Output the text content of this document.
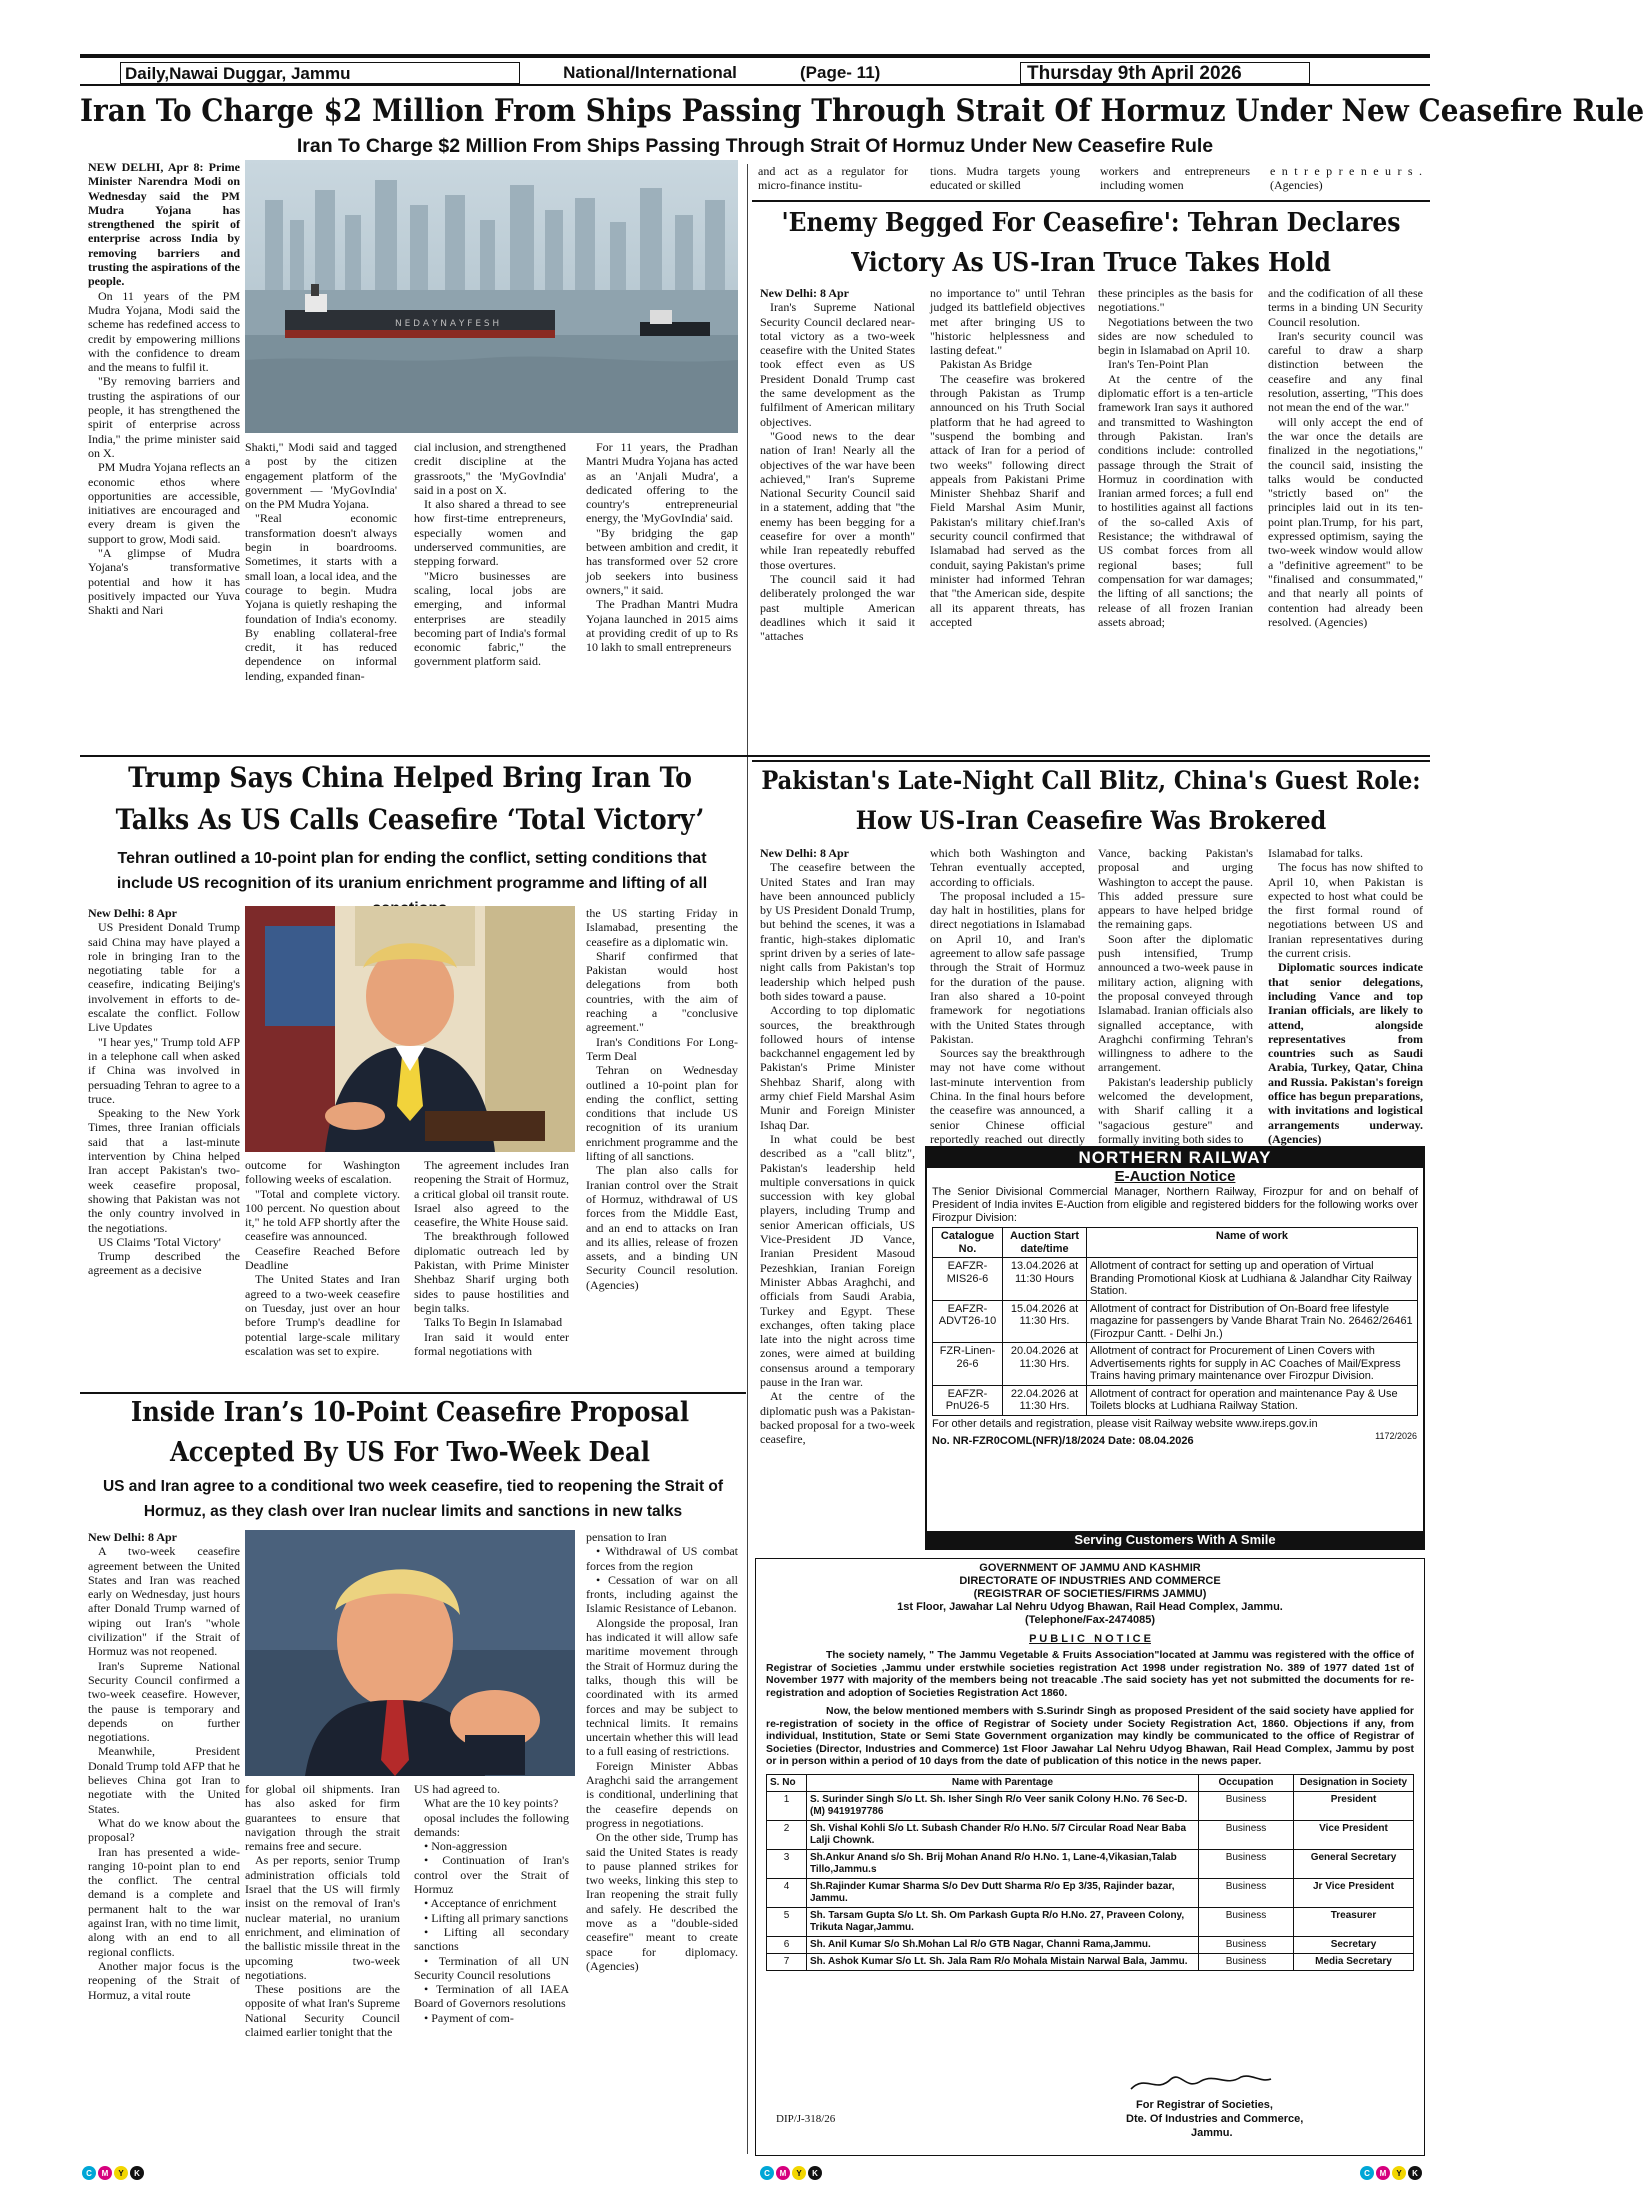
Daily,Nawai Duggar, Jammu	National/International	(Page- 11)	Thursday 9th April 2026
Iran To Charge $2 Million From Ships Passing Through Strait Of Hormuz Under New Ceasefire Rule
Iran To Charge $2 Million From Ships Passing Through Strait Of Hormuz Under New Ceasefire Rule
N E D A Y N A Y F E S H

NEW DELHI, Apr 8: Prime Minister Narendra Modi on Wednesday said the PM Mudra Yojana has strengthened the spirit of enterprise across India by removing barriers and trusting the aspirations of the people.

On 11 years of the PM Mudra Yojana, Modi said the scheme has redefined access to credit by empowering millions with the confidence to dream and the means to fulfil it.

"By removing barriers and trusting the aspirations of our people, it has strengthened the spirit of enterprise across India," the prime minister said on X.

PM Mudra Yojana reflects an economic ethos where opportunities are accessible, initiatives are encouraged and every dream is given the support to grow, Modi said.

"A glimpse of Mudra Yojana's transformative potential and how it has positively impacted our Yuva Shakti and Nari

Shakti," Modi said and tagged a post by the citizen engagement platform of the government — 'MyGovIndia' on the PM Mudra Yojana.

"Real economic transformation doesn't always begin in boardrooms. Sometimes, it starts with a small loan, a local idea, and the courage to begin. Mudra Yojana is quietly reshaping the foundation of India's economy. By enabling collateral-free credit, it has reduced dependence on informal lending, expanded finan-

cial inclusion, and strengthened credit discipline at the grassroots," the 'MyGovIndia' said in a post on X.

It also shared a thread to see how first-time entrepreneurs, especially women and underserved communities, are stepping forward.

"Micro businesses are scaling, local jobs are emerging, and informal enterprises are steadily becoming part of India's formal economic fabric," the government platform said.

For 11 years, the Pradhan Mantri Mudra Yojana has acted as an 'Anjali Mudra', a dedicated offering to the country's entrepreneurial energy, the 'MyGovIndia' said.

"By bridging the gap between ambition and credit, it has transformed over 52 crore job seekers into business owners," it said.

The Pradhan Mantri Mudra Yojana launched in 2015 aims at providing credit of up to Rs 10 lakh to small entrepreneurs

and act as a regulator for micro-finance institu-
tions. Mudra targets young educated or skilled
workers and entrepreneurs including women
e n t r e p r e n e u r s . (Agencies)
'Enemy Begged For Ceasefire': Tehran Declares
Victory As US-Iran Truce Takes Hold

New Delhi: 8 Apr

Iran's Supreme National Security Council declared near-total victory as a two-week ceasefire with the United States took effect even as US President Donald Trump cast the same development as the fulfilment of American military objectives.

"Good news to the dear nation of Iran! Nearly all the objectives of the war have been achieved," Iran's Supreme National Security Council said in a statement, adding that "the enemy has been begging for a ceasefire for over a month" while Iran repeatedly rebuffed those overtures.

The council said it had deliberately prolonged the war past multiple American deadlines which it said it "attaches

no importance to" until Tehran judged its battlefield objectives met after bringing US to "historic helplessness and lasting defeat."

Pakistan As Bridge

The ceasefire was brokered through Pakistan as Trump announced on his Truth Social platform that he had agreed to "suspend the bombing and attack of Iran for a period of two weeks" following direct appeals from Pakistani Prime Minister Shehbaz Sharif and Field Marshal Asim Munir, Pakistan's military chief.Iran's security council confirmed that Islamabad had served as the conduit, saying Pakistan's prime minister had informed Tehran that "the American side, despite all its apparent threats, has accepted

these principles as the basis for negotiations."

Negotiations between the two sides are now scheduled to begin in Islamabad on April 10.

Iran's Ten-Point Plan

At the centre of the diplomatic effort is a ten-article framework Iran says it authored and transmitted to Washington through Pakistan. Iran's conditions include: controlled passage through the Strait of Hormuz in coordination with Iranian armed forces; a full end to hostilities against all factions of the so-called Axis of Resistance; the withdrawal of US combat forces from all regional bases; full compensation for war damages; the lifting of all sanctions; the release of all frozen Iranian assets abroad;

and the codification of all these terms in a binding UN Security Council resolution.

Iran's security council was careful to draw a sharp distinction between the ceasefire and any final resolution, asserting, "This does not mean the end of the war."

will only accept the end of the war once the details are finalized in the negotiations," the council said, insisting the talks would be conducted "strictly based on" the principles laid out in its ten-point plan.Trump, for his part, expressed optimism, saying the two-week window would allow a "definitive agreement" to be "finalised and consummated," and that nearly all points of contention had already been resolved. (Agencies)

Trump Says China Helped Bring Iran To
Talks As US Calls Ceasefire ‘Total Victory’
Tehran outlined a 10-point plan for ending the conflict, setting conditions that include US recognition of its uranium enrichment programme and lifting of all

New Delhi: 8 Apr

US President Donald Trump said China may have played a role in bringing Iran to the negotiating table for a ceasefire, indicating Beijing's involvement in efforts to de-escalate the conflict. Follow Live Updates

"I hear yes," Trump told AFP in a telephone call when asked if China was involved in persuading Tehran to agree to a truce.

Speaking to the New York Times, three Iranian officials said that a last-minute intervention by China helped Iran accept Pakistan's two-week ceasefire proposal, showing that Pakistan was not the only country involved in the negotiations.

US Claims 'Total Victory'

Trump described the agreement as a decisive

outcome for Washington following weeks of escalation.

"Total and complete victory. 100 percent. No question about it," he told AFP shortly after the ceasefire was announced.

Ceasefire Reached Before Deadline

The United States and Iran agreed to a two-week ceasefire on Tuesday, just over an hour before Trump's deadline for potential large-scale military escalation was set to expire.

The agreement includes Iran reopening the Strait of Hormuz, a critical global oil transit route. Israel also agreed to the ceasefire, the White House said.

The breakthrough followed diplomatic outreach led by Pakistan, with Prime Minister Shehbaz Sharif urging both sides to pause hostilities and begin talks.

Talks To Begin In Islamabad

Iran said it would enter formal negotiations with

the US starting Friday in Islamabad, presenting the ceasefire as a diplomatic win.

Sharif confirmed that Pakistan would host delegations from both countries, with the aim of reaching a "conclusive agreement."

Iran's Conditions For Long-Term Deal

Tehran on Wednesday outlined a 10-point plan for ending the conflict, setting conditions that include US recognition of its uranium enrichment programme and the lifting of all sanctions.

The plan also calls for Iranian control over the Strait of Hormuz, withdrawal of US forces from the Middle East, and an end to attacks on Iran and its allies, release of frozen assets, and a binding UN Security Council resolution. (Agencies)

Pakistan's Late-Night Call Blitz, China's Guest Role:
How US-Iran Ceasefire Was Brokered

New Delhi: 8 Apr

The ceasefire between the United States and Iran may have been announced publicly by US President Donald Trump, but behind the scenes, it was a frantic, high-stakes diplomatic sprint driven by a series of late-night calls from Pakistan's top leadership which helped push both sides toward a pause.

According to top diplomatic sources, the breakthrough followed hours of intense backchannel engagement led by Pakistan's Prime Minister Shehbaz Sharif, along with army chief Field Marshal Asim Munir and Foreign Minister Ishaq Dar.

In what could be best described as a "call blitz", Pakistan's leadership held multiple conversations in quick succession with key global players, including Trump and senior American officials, US Vice-President JD Vance, Iranian President Masoud Pezeshkian, Iranian Foreign Minister Abbas Araghchi, and officials from Saudi Arabia, Turkey and Egypt. These exchanges, often taking place late into the night across time zones, were aimed at building consensus around a temporary pause in the Iran war.

At the centre of the diplomatic push was a Pakistan-backed proposal for a two-week ceasefire,

which both Washington and Tehran eventually accepted, according to officials.

The proposal included a 15-day halt in hostilities, plans for direct negotiations in Islamabad on April 10, and Iran's agreement to allow safe passage through the Strait of Hormuz for the duration of the pause. Iran also shared a 10-point framework for negotiations with the United States through Pakistan.

Sources say the breakthrough may not have come without last-minute intervention from China. In the final hours before the ceasefire was announced, a senior Chinese official reportedly reached out directly

Vance, backing Pakistan's proposal and urging Washington to accept the pause. This added pressure sure appears to have helped bridge the remaining gaps.

Soon after the diplomatic push intensified, Trump announced a two-week pause in military action, aligning with the proposal conveyed through Islamabad. Iranian officials also signalled acceptance, with Araghchi confirming Tehran's willingness to adhere to the arrangement.

Pakistan's leadership publicly welcomed the development, with Sharif calling it a "sagacious gesture" and formally inviting both sides to

Islamabad for talks.

The focus has now shifted to April 10, when Pakistan is expected to host what could be the first formal round of negotiations between US and Iranian representatives during the current crisis.

Diplomatic sources indicate that senior delegations, including Vance and top Iranian officials, are likely to attend, alongside representatives from countries such as Saudi Arabia, Turkey, Qatar, China and Russia. Pakistan's foreign office has begun preparations, with invitations and logistical arrangements underway. (Agencies)

NORTHERN RAILWAY
E-Auction Notice
The Senior Divisional Commercial Manager, Northern Railway, Firozpur for and on behalf of President of India invites E-Auction from eligible and registered bidders for the following works over Firozpur Division:
Catalogue No.	Auction Start date/time	Name of work
EAFZR-MIS26-6	13.04.2026 at 11:30 Hours	Allotment of contract for setting up and operation of Virtual Branding Promotional Kiosk at Ludhiana & Jalandhar City Railway Station.
EAFZR-ADVT26-10	15.04.2026 at 11:30 Hrs.	Allotment of contract for Distribution of On-Board free lifestyle magazine for passengers by Vande Bharat Train No. 26462/26461 (Firozpur Cantt. - Delhi Jn.)
FZR-Linen-26-6	20.04.2026 at 11:30 Hrs.	Allotment of contract for Procurement of Linen Covers with Advertisements rights for supply in AC Coaches of Mail/Express Trains having primary maintenance over Firozpur Division.
EAFZR-PnU26-5	22.04.2026 at 11:30 Hrs.	Allotment of contract for operation and maintenance Pay & Use Toilets blocks at Ludhiana Railway Station.
For other details and registration, please visit Railway website www.ireps.gov.in
No. NR-FZR0COML(NFR)/18/2024 Date: 08.04.2026	1172/2026
Serving Customers With A Smile
Inside Iran’s 10-Point Ceasefire Proposal
Accepted By US For Two-Week Deal
US and Iran agree to a conditional two week ceasefire, tied to reopening the Strait of Hormuz, as they clash over Iran nuclear limits and sanctions in new talks

New Delhi: 8 Apr

A two-week ceasefire agreement between the United States and Iran was reached early on Wednesday, just hours after Donald Trump warned of wiping out Iran's "whole civilization" if the Strait of Hormuz was not reopened.

Iran's Supreme National Security Council confirmed a two-week ceasefire. However, the pause is temporary and depends on further negotiations.

Meanwhile, President Donald Trump told AFP that he believes China got Iran to negotiate with the United States.

What do we know about the proposal?

Iran has presented a wide-ranging 10-point plan to end the conflict. The central demand is a complete and permanent halt to the war against Iran, with no time limit, along with an end to all regional conflicts.

Another major focus is the reopening of the Strait of Hormuz, a vital route

for global oil shipments. Iran has also asked for firm guarantees to ensure that navigation through the strait remains free and secure.

As per reports, senior Trump administration officials told Israel that the US will firmly insist on the removal of Iran's nuclear material, no uranium enrichment, and elimination of the ballistic missile threat in the upcoming two-week negotiations.

These positions are the opposite of what Iran's Supreme National Security Council claimed earlier tonight that the

US had agreed to.

What are the 10 key points?

oposal includes the following demands:

• Non-aggression

• Continuation of Iran's control over the Strait of Hormuz

• Acceptance of enrichment

• Lifting all primary sanctions

• Lifting all secondary sanctions

• Termination of all UN Security Council resolutions

• Termination of all IAEA Board of Governors resolutions

• Payment of com-

pensation to Iran

• Withdrawal of US combat forces from the region

• Cessation of war on all fronts, including against the Islamic Resistance of Lebanon.

Alongside the proposal, Iran has indicated it will allow safe maritime movement through the Strait of Hormuz during the talks, though this will be coordinated with its armed forces and may be subject to technical limits. It remains uncertain whether this will lead to a full easing of restrictions.

Foreign Minister Abbas Araghchi said the arrangement is conditional, underlining that the ceasefire depends on progress in negotiations.

On the other side, Trump has said the United States is ready to pause planned strikes for two weeks, linking this step to Iran reopening the strait fully and safely. He described the move as a "double-sided ceasefire" meant to create space for diplomacy. (Agencies)

GOVERNMENT OF JAMMU AND KASHMIR
DIRECTORATE OF INDUSTRIES AND COMMERCE
(REGISTRAR OF SOCIETIES/FIRMS JAMMU)
1st Floor, Jawahar Lal Nehru Udyog Bhawan, Rail Head Complex, Jammu.
(Telephone/Fax-2474085)
P U B L I C   N O T I C E
The society namely, " The Jammu Vegetable & Fruits Association"located at Jammu was registered with the office of Registrar of Societies ,Jammu under erstwhile societies registration Act 1998 under registration No. 389 of 1977 dated 1st of November 1977 with majority of the members being not treacable .The said society has yet not submitted the documents for re-registration and adoption of Societies Registration Act 1860.
Now, the below mentioned members with S.Surindr Singh as proposed President of the said society have applied for re-registration of society in the office of Registrar of Society under Society Registration Act, 1860. Objections if any, from individual, Institution, State or Semi State Government organization may kindly be communicated to the office of Registrar of Societies (Director, Industries and Commerce) 1st Floor Jawahar Lal Nehru Udyog Bhawan, Rail Head Complex, Jammu by post or in person within a period of 10 days from the date of publication of this notice in the news paper.
S. No	Name with Parentage	Occupation	Designation in Society
1	S. Surinder Singh S/o Lt. Sh. Isher Singh R/o Veer sanik Colony H.No. 76 Sec-D. (M) 9419197786	Business	President
2	Sh. Vishal Kohli S/o Lt. Subash Chander R/o H.No. 5/7 Circular Road Near Baba Lalji Chownk.	Business	Vice President
3	Sh.Ankur Anand s/o Sh. Brij Mohan Anand R/o H.No. 1, Lane-4,Vikasian,Talab Tillo,Jammu.s	Business	General Secretary
4	Sh.Rajinder Kumar Sharma S/o Dev Dutt Sharma R/o Ep 3/35, Rajinder bazar, Jammu.	Business	Jr Vice President
5	Sh. Tarsam Gupta S/o Lt. Sh. Om Parkash Gupta R/o H.No. 27, Praveen Colony, Trikuta Nagar,Jammu.	Business	Treasurer
6	Sh. Anil Kumar S/o Sh.Mohan Lal R/o GTB Nagar, Channi Rama,Jammu.	Business	Secretary
7	Sh. Ashok Kumar S/o Lt. Sh. Jala Ram R/o Mohala Mistain Narwal Bala, Jammu.	Business	Media Secretary
DIP/J-318/26
For Registrar of Societies,
Dte. Of Industries and Commerce,
Jammu.
C	M	Y	K	C	M	Y	K	C	M	Y	K
